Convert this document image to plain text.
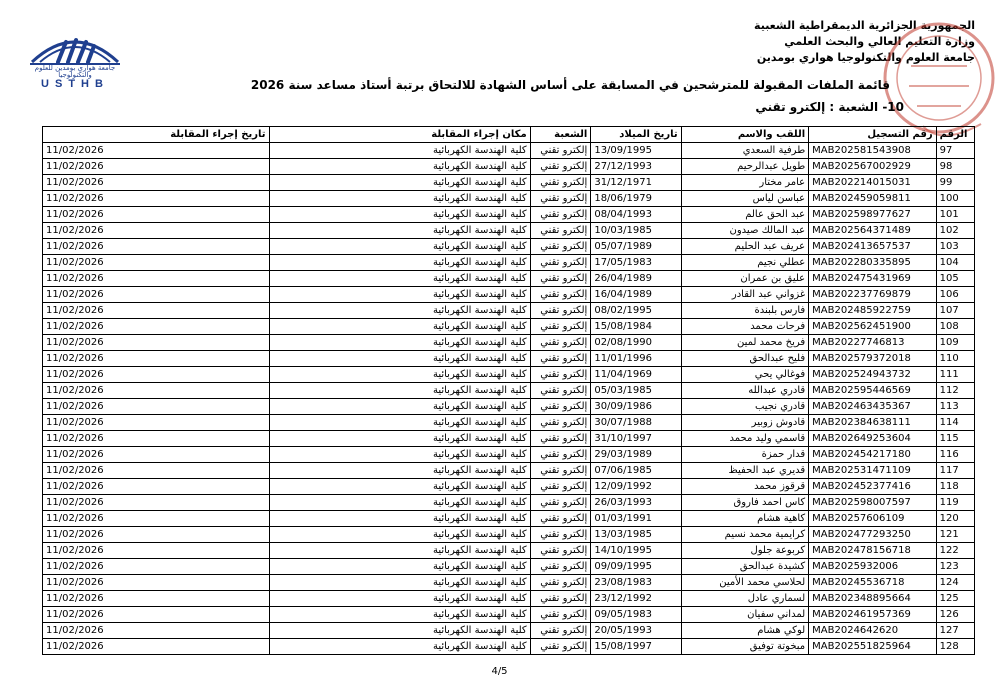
جامعة هواري بومدين للعلوم والتكنولوجيا
USTHB
الجمهورية الجزائرية الديمقراطية الشعبية
وزارة التعليم العالي والبحث العلمي
جامعة العلوم والتكنولوجيا هواري بومدين
قائمة الملفات المقبولة للمترشحين في المسابقة على أساس الشهادة للالتحاق برتبة أستاذ مساعد سنة 2026
10- الشعبة : إلكترو تقني
الرقم	رقم التسجيل	اللقب والاسم	تاريخ الميلاد	الشعبة	مكان إجراء المقابلة	تاريخ إجراء المقابلة
97	MAB202581543908	طرفية السعدي	13/09/1995	إلكترو تقني	كلية الهندسة الكهربائية	11/02/2026
98	MAB202567002929	طويل عبدالرحيم	27/12/1993	إلكترو تقني	كلية الهندسة الكهربائية	11/02/2026
99	MAB202214015031	عامر مختار	31/12/1971	إلكترو تقني	كلية الهندسة الكهربائية	11/02/2026
100	MAB202459059811	عباسن لياس	18/06/1979	إلكترو تقني	كلية الهندسة الكهربائية	11/02/2026
101	MAB202598977627	عبد الحق عالم	08/04/1993	إلكترو تقني	كلية الهندسة الكهربائية	11/02/2026
102	MAB202564371489	عبد المالك صيدون	10/03/1985	إلكترو تقني	كلية الهندسة الكهربائية	11/02/2026
103	MAB202413657537	عريف عبد الحليم	05/07/1989	إلكترو تقني	كلية الهندسة الكهربائية	11/02/2026
104	MAB202280335895	عطلي نجيم	17/05/1983	إلكترو تقني	كلية الهندسة الكهربائية	11/02/2026
105	MAB202475431969	عليق بن عمران	26/04/1989	إلكترو تقني	كلية الهندسة الكهربائية	11/02/2026
106	MAB202237769879	غزواني عبد القادر	16/04/1989	إلكترو تقني	كلية الهندسة الكهربائية	11/02/2026
107	MAB202485922759	فارس بلبندة	08/02/1995	إلكترو تقني	كلية الهندسة الكهربائية	11/02/2026
108	MAB202562451900	فرحات محمد	15/08/1984	إلكترو تقني	كلية الهندسة الكهربائية	11/02/2026
109	MAB20227746813	فريخ محمد لمين	02/08/1990	إلكترو تقني	كلية الهندسة الكهربائية	11/02/2026
110	MAB202579372018	فليح عبدالحق	11/01/1996	إلكترو تقني	كلية الهندسة الكهربائية	11/02/2026
111	MAB202524943732	فوغالي يحي	11/04/1969	إلكترو تقني	كلية الهندسة الكهربائية	11/02/2026
112	MAB202595446569	قادري عبدالله	05/03/1985	إلكترو تقني	كلية الهندسة الكهربائية	11/02/2026
113	MAB202463435367	قادري نجيب	30/09/1986	إلكترو تقني	كلية الهندسة الكهربائية	11/02/2026
114	MAB202384638111	قادوش زوبير	30/07/1988	إلكترو تقني	كلية الهندسة الكهربائية	11/02/2026
115	MAB202649253604	قاسمي وليد محمد	31/10/1997	إلكترو تقني	كلية الهندسة الكهربائية	11/02/2026
116	MAB202454217180	قدار حمزة	29/03/1989	إلكترو تقني	كلية الهندسة الكهربائية	11/02/2026
117	MAB202531471109	قديري عبد الحفيظ	07/06/1985	إلكترو تقني	كلية الهندسة الكهربائية	11/02/2026
118	MAB202452377416	قرقوز محمد	12/09/1992	إلكترو تقني	كلية الهندسة الكهربائية	11/02/2026
119	MAB202598007597	كاس احمد فاروق	26/03/1993	إلكترو تقني	كلية الهندسة الكهربائية	11/02/2026
120	MAB20257606109	كاهية هشام	01/03/1991	إلكترو تقني	كلية الهندسة الكهربائية	11/02/2026
121	MAB202477293250	كرايمية محمد نسيم	13/03/1985	إلكترو تقني	كلية الهندسة الكهربائية	11/02/2026
122	MAB202478156718	كربوعة جلول	14/10/1995	إلكترو تقني	كلية الهندسة الكهربائية	11/02/2026
123	MAB2025932006	كشيدة عبدالحق	09/09/1995	إلكترو تقني	كلية الهندسة الكهربائية	11/02/2026
124	MAB20245536718	لحلاسي محمد الأمين	23/08/1983	إلكترو تقني	كلية الهندسة الكهربائية	11/02/2026
125	MAB202348895664	لسماري عادل	23/12/1992	إلكترو تقني	كلية الهندسة الكهربائية	11/02/2026
126	MAB202461957369	لمداني سفيان	09/05/1983	إلكترو تقني	كلية الهندسة الكهربائية	11/02/2026
127	MAB2024642620	لوكي هشام	20/05/1993	إلكترو تقني	كلية الهندسة الكهربائية	11/02/2026
128	MAB202551825964	مبخوتة توفيق	15/08/1997	إلكترو تقني	كلية الهندسة الكهربائية	11/02/2026
4/5
